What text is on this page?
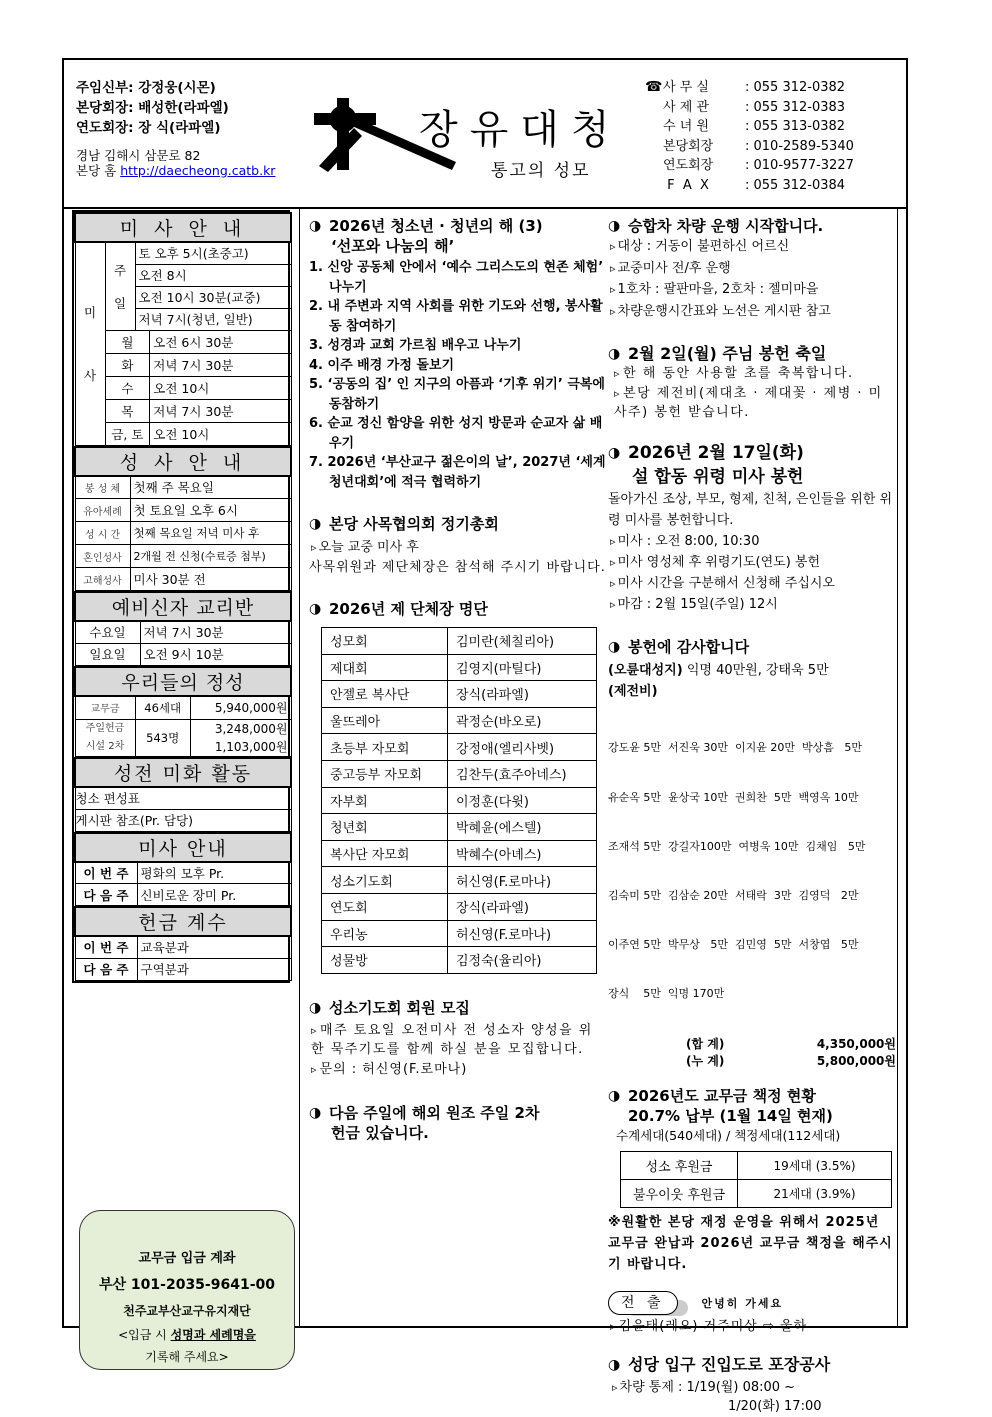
주임신부: 강정웅(시몬)
본당회장: 배성한(라파엘)
연도회장: 장 식(라파엘)
경남 김해시 삼문로 82
본당 홈 http://daecheong.catb.kr
장유대청
통고의 성모
☎ 사 무 실	: 055 312-0382
사 제 관	: 055 312-0383
수 녀 원	: 055 313-0382
본당회장	: 010-2589-5340
연도회장	: 010-9577-3227
F  A  X	: 055 312-0384
미 사 안 내			
미

사	주

일	토 오후 5시(초중고)	
		오전 8시	
		오전 10시 30분(교중)	
		저녁 7시(청년, 일반)	
	월		오전 6시 30분
	화		저녁 7시 30분
	수		오전 10시
	목		저녁 7시 30분
	금, 토		오전 10시
성 사 안 내	
봉 성 체	첫째 주 목요일
유아세례	첫 토요일 오후 6시
성 시 간	첫째 목요일 저녁 미사 후
혼인성사	2개월 전 신청(수료증 첨부)
고해성사	미사 30분 전
예비신자 교리반	
수요일	저녁 7시 30분
일요일	오전 9시 10분
우리들의 정성		
교무금	46세대	5,940,000원
주일헌금
시설 2차	543명	3,248,000원
1,103,000원
성전 미화 활동
청소 편성표
게시판 참조(Pr. 담당)
미사 안내	
이 번 주	평화의 모후 Pr.
다 음 주	신비로운 장미 Pr.
헌금 계수	
이 번 주	교육분과
다 음 주	구역분과
교무금 입금 계좌
부산 101-2035-9641-00
천주교부산교구유지재단
<입금 시 성명과 세례명을
기록해 주세요>
◑ 2026년 청소년 · 청년의 해 (3)
‘선포와 나눔의 해’
1. 신앙 공동체 안에서 ‘예수 그리스도의 현존 체험’ 나누기
2. 내 주변과 지역 사회를 위한 기도와 선행, 봉사활동 참여하기
3. 성경과 교회 가르침 배우고 나누기
4. 이주 배경 가정 돌보기
5. ‘공동의 집’ 인 지구의 아픔과 ‘기후 위기’ 극복에 동참하기
6. 순교 정신 함양을 위한 성지 방문과 순교자 삶 배우기
7. 2026년 ‘부산교구 젊은이의 날’, 2027년 ‘세계 청년대회’에 적극 협력하기
◑ 본당 사목협의회 정기총회
▹ 오늘 교중 미사 후
사목위원과 제단체장은 참석해 주시기 바랍니다.
◑ 2026년 제 단체장 명단
성모회	김미란(체칠리아)
제대회	김영지(마틸다)
안젤로 복사단	장식(라파엘)
울뜨레아	곽정순(바오로)
초등부 자모회	강정애(엘리사벳)
중고등부 자모회	김찬두(효주아네스)
자부회	이정훈(다윗)
청년회	박혜윤(에스텔)
복사단 자모회	박혜수(아녜스)
성소기도회	허신영(F.로마나)
연도회	장식(라파엘)
우리농	허신영(F.로마나)
성물방	김정숙(율리아)
◑ 성소기도회 회원 모집
▹ 매주 토요일 오전미사 전 성소자 양성을 위한 묵주기도를 함께 하실 분을 모집합니다.
▹ 문의 : 허신영(F.로마나)
◑ 다음 주일에 해외 원조 주일 2차
헌금 있습니다.
◑ 승합차 차량 운행 시작합니다.
▹ 대상 : 거동이 불편하신 어르신
▹ 교중미사 전/후 운행
▹ 1호차 : 팔판마을, 2호차 : 젤미마을
▹ 차량운행시간표와 노선은 게시판 참고
◑ 2월 2일(월) 주님 봉헌 축일
▹ 한 해 동안 사용할 초를 축복합니다.
▹ 본당 제전비(제대초 · 제대꽃 · 제병 · 미사주) 봉헌 받습니다.
◑ 2026년 2월 17일(화)
설 합동 위령 미사 봉헌
돌아가신 조상, 부모, 형제, 친척, 은인들을 위한 위령 미사를 봉헌합니다.
▹ 미사 : 오전 8:00, 10:30
▹ 미사 영성체 후 위령기도(연도) 봉헌
▹ 미사 시간을 구분해서 신청해 주십시오
▹ 마감 : 2월 15일(주일) 12시
◑ 봉헌에 감사합니다
(오륜대성지) 익명 40만원, 강태욱 5만
(제전비)

강도윤 5만  서진욱 30만  이지윤 20만  박상흠   5만

유순옥 5만  윤상국 10만  권희찬  5만  백영옥 10만

조재석 5만  강길자100만  여병욱 10만  김채임   5만

김숙미 5만  김삼순 20만  서태락  3만  김영덕   2만

이주연 5만  박무상   5만  김민영  5만  서창엽   5만

장식    5만  익명 170만

(합 계)	4,350,000원
(누 계)	5,800,000원
◑ 2026년도 교무금 책정 현황
20.7% 납부 (1월 14일 현재)
수계세대(540세대) / 책정세대(112세대)
성소 후원금	19세대 (3.5%)
불우이웃 후원금	21세대 (3.9%)
※원활한 본당 재정 운영을 위해서 2025년 교무금 완납과 2026년 교무금 책정을 해주시기 바랍니다.
전 출	안녕히 가세요
▹ 김윤태(레오) 거주미상 ⇨ 울하
◑ 성당 입구 진입도로 포장공사
▹ 차량 통제 : 1/19(월) 08:00 ~
1/20(화) 17:00
